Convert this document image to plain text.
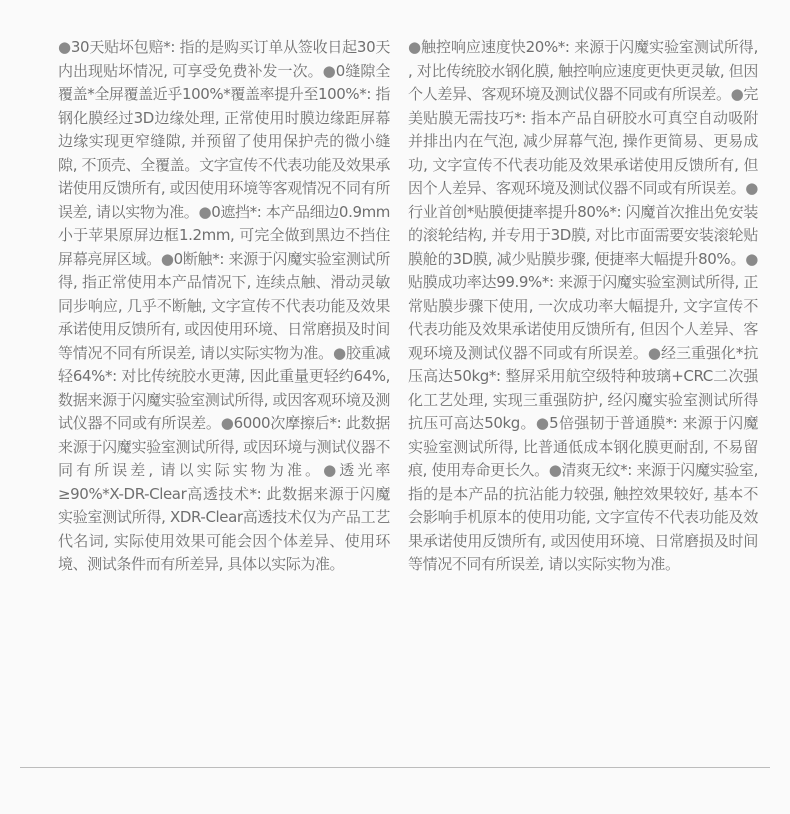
●30天贴坏包赔*: 指的是购买订单从签收日起30天内出现贴坏情况, 可享受免费补发一次。●0缝隙全覆盖*全屏覆盖近乎100%*覆盖率提升至100%*: 指钢化膜经过3D边缘处理, 正常使用时膜边缘距屏幕边缘实现更窄缝隙, 并预留了使用保护壳的微小缝隙, 不顶壳、全覆盖。文字宣传不代表功能及效果承诺使用反馈所有, 或因使用环境等客观情况不同有所误差, 请以实物为准。●0遮挡*: 本产品细边0.9mm小于苹果原屏边框1.2mm, 可完全做到黑边不挡住屏幕亮屏区域。●0断触*: 来源于闪魔实验室测试所得, 指正常使用本产品情况下, 连续点触、滑动灵敏同步响应, 几乎不断触, 文字宣传不代表功能及效果承诺使用反馈所有, 或因使用环境、日常磨损及时间等情况不同有所误差, 请以实际实物为准。●胶重减轻64%*: 对比传统胶水更薄, 因此重量更轻约64%, 数据来源于闪魔实验室测试所得, 或因客观环境及测试仪器不同或有所误差。●6000次摩擦后*: 此数据来源于闪魔实验室测试所得, 或因环境与测试仪器不同有所误差, 请以实际实物为准。●透光率≥90%*X-DR-Clear高透技术*: 此数据来源于闪魔实验室测试所得, XDR-Clear高透技术仅为产品工艺代名词, 实际使用效果可能会因个体差异、使用环境、测试条件而有所差异, 具体以实际为准。
●触控响应速度快20%*: 来源于闪魔实验室测试所得, , 对比传统胶水钢化膜, 触控响应速度更快更灵敏, 但因个人差异、客观环境及测试仪器不同或有所误差。●完美贴膜无需技巧*: 指本产品自研胶水可真空自动吸附并排出内在气泡, 减少屏幕气泡, 操作更简易、更易成功, 文字宣传不代表功能及效果承诺使用反馈所有, 但因个人差异、客观环境及测试仪器不同或有所误差。●行业首创*贴膜便捷率提升80%*: 闪魔首次推出免安装的滚轮结构, 并专用于3D膜, 对比市面需要安装滚轮贴膜舱的3D膜, 减少贴膜步骤, 便捷率大幅提升80%。●贴膜成功率达99.9%*: 来源于闪魔实验室测试所得, 正常贴膜步骤下使用, 一次成功率大幅提升, 文字宣传不代表功能及效果承诺使用反馈所有, 但因个人差异、客观环境及测试仪器不同或有所误差。●经三重强化*抗压高达50kg*: 整屏采用航空级特种玻璃+CRC二次强化工艺处理, 实现三重强防护, 经闪魔实验室测试所得抗压可高达50kg。●5倍强韧于普通膜*: 来源于闪魔实验室测试所得, 比普通低成本钢化膜更耐刮, 不易留痕, 使用寿命更长久。●清爽无纹*: 来源于闪魔实验室, 指的是本产品的抗沾能力较强, 触控效果较好, 基本不会影响手机原本的使用功能, 文字宣传不代表功能及效果承诺使用反馈所有, 或因使用环境、日常磨损及时间等情况不同有所误差, 请以实际实物为准。
